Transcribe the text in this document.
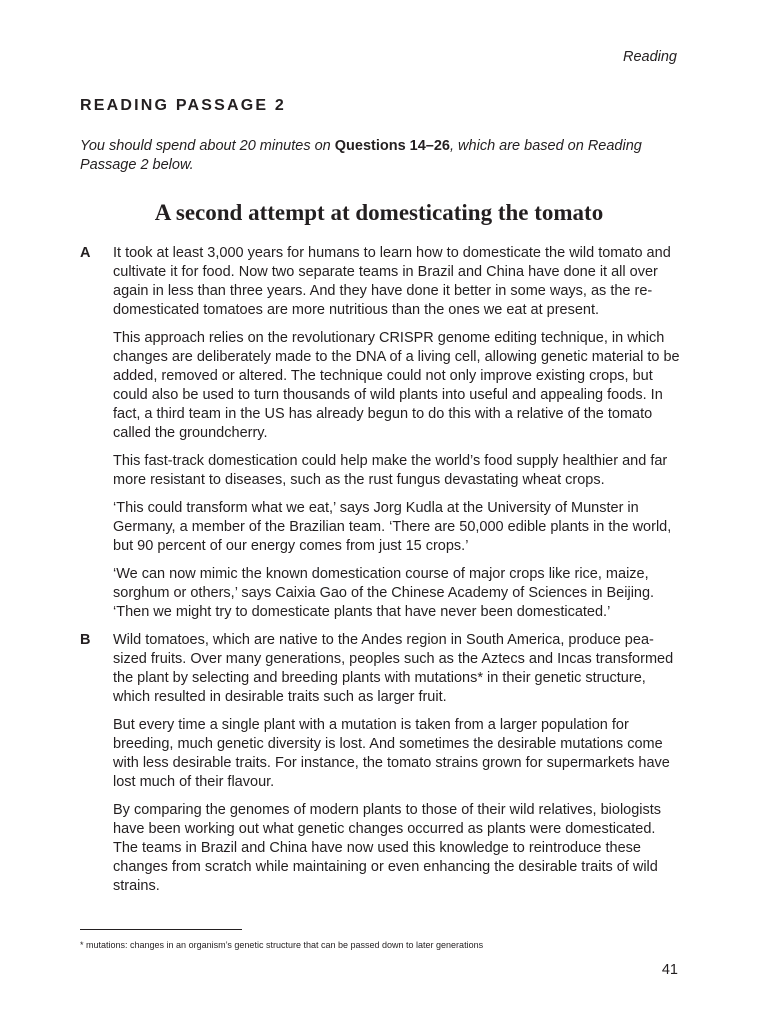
Reading
READING PASSAGE 2

You should spend about 20 minutes on Questions 14–26, which are based on Reading Passage 2 below.

A second attempt at domesticating the tomato
A It took at least 3,000 years for humans to learn how to domesticate the wild tomato and cultivate it for food. Now two separate teams in Brazil and China have done it all over again in less than three years. And they have done it better in some ways, as the re-domesticated tomatoes are more nutritious than the ones we eat at present.

This approach relies on the revolutionary CRISPR genome editing technique, in which changes are deliberately made to the DNA of a living cell, allowing genetic material to be added, removed or altered. The technique could not only improve existing crops, but could also be used to turn thousands of wild plants into useful and appealing foods. In fact, a third team in the US has already begun to do this with a relative of the tomato called the groundcherry.

This fast-track domestication could help make the world’s food supply healthier and far more resistant to diseases, such as the rust fungus devastating wheat crops.

‘This could transform what we eat,’ says Jorg Kudla at the University of Munster in Germany, a member of the Brazilian team. ‘There are 50,000 edible plants in the world, but 90 percent of our energy comes from just 15 crops.’

‘We can now mimic the known domestication course of major crops like rice, maize, sorghum or others,’ says Caixia Gao of the Chinese Academy of Sciences in Beijing. ‘Then we might try to domesticate plants that have never been domesticated.’

B Wild tomatoes, which are native to the Andes region in South America, produce pea-sized fruits. Over many generations, peoples such as the Aztecs and Incas transformed the plant by selecting and breeding plants with mutations* in their genetic structure, which resulted in desirable traits such as larger fruit.

But every time a single plant with a mutation is taken from a larger population for breeding, much genetic diversity is lost. And sometimes the desirable mutations come with less desirable traits. For instance, the tomato strains grown for supermarkets have lost much of their flavour.

By comparing the genomes of modern plants to those of their wild relatives, biologists have been working out what genetic changes occurred as plants were domesticated. The teams in Brazil and China have now used this knowledge to reintroduce these changes from scratch while maintaining or even enhancing the desirable traits of wild strains.

* mutations: changes in an organism’s genetic structure that can be passed down to later generations

41
